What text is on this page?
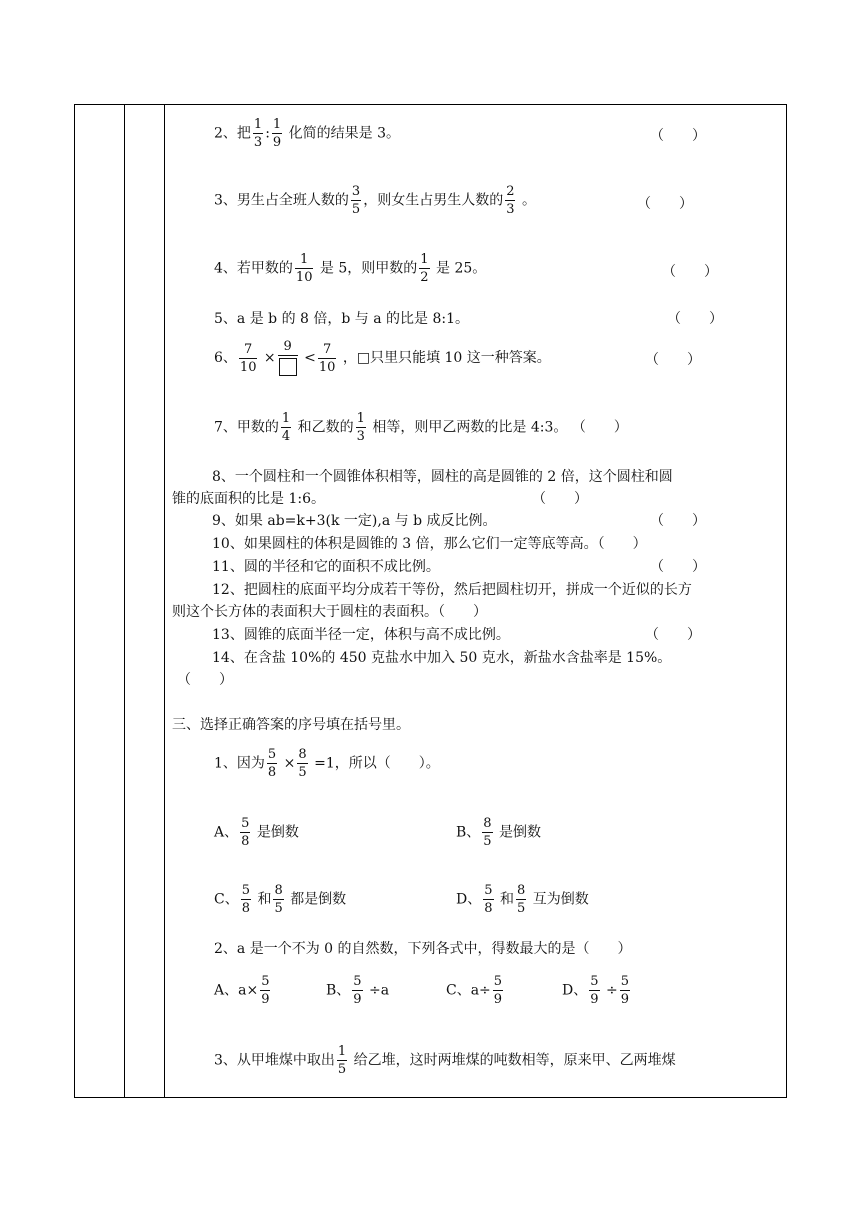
2、把 $\frac{1}{3}$ : $\frac{1}{9}$ 化简的结果是 3。	（　　）
3、男生占全班人数的 $\frac{3}{5}$ ，则女生占男生人数的 $\frac{2}{3}$ 。	（　　）
4、若甲数的 $\frac{1}{10}$ 是 5，则甲数的 $\frac{1}{2}$ 是 25。	（　　）
5、a 是 b 的 8 倍，b 与 a 的比是 8:1。	（　　）
6、 $\frac{7}{10}$ ×
9
< $\frac{7}{10}$ ，□只里只能填 10 这一种答案。	（　　）
7、甲数的 $\frac{1}{4}$ 和乙数的 $\frac{1}{3}$ 相等，则甲乙两数的比是 4:3。 （　　）
8、一个圆柱和一个圆锥体积相等，圆柱的高是圆锥的 2 倍，这个圆柱和圆
锥的底面积的比是 1:6。	（　　）
9、如果 ab=k+3(k 一定),a 与 b 成反比例。	（　　）
10、如果圆柱的体积是圆锥的 3 倍，那么它们一定等底等高。（　　）
11、圆的半径和它的面积不成比例。	（　　）
12、把圆柱的底面平均分成若干等份，然后把圆柱切开，拼成一个近似的长方
则这个长方体的表面积大于圆柱的表面积。（　　）
13、圆锥的底面半径一定，体积与高不成比例。	（　　）
14、在含盐 10%的 450 克盐水中加入 50 克水，新盐水含盐率是 15%。
（　　）
三、选择正确答案的序号填在括号里。
1、因为 $\frac{5}{8} \times \frac{8}{5} =1$，所以（　　）。
A、 $\frac{5}{8}$ 是倒数	B、 $\frac{8}{5}$ 是倒数
C、 $\frac{5}{8}$ 和 $\frac{8}{5}$ 都是倒数	D、 $\frac{5}{8}$ 和 $\frac{8}{5}$ 互为倒数
2、a 是一个不为 0 的自然数，下列各式中，得数最大的是（　　）
A、$a\times \frac{5}{9}$	B、 $\frac{5}{9} \div a$	C、$a\div \frac{5}{9}$	D、 $\frac{5}{9} \div \frac{5}{9}$
3、从甲堆煤中取出 $\frac{1}{5}$ 给乙堆，这时两堆煤的吨数相等，原来甲、乙两堆煤
